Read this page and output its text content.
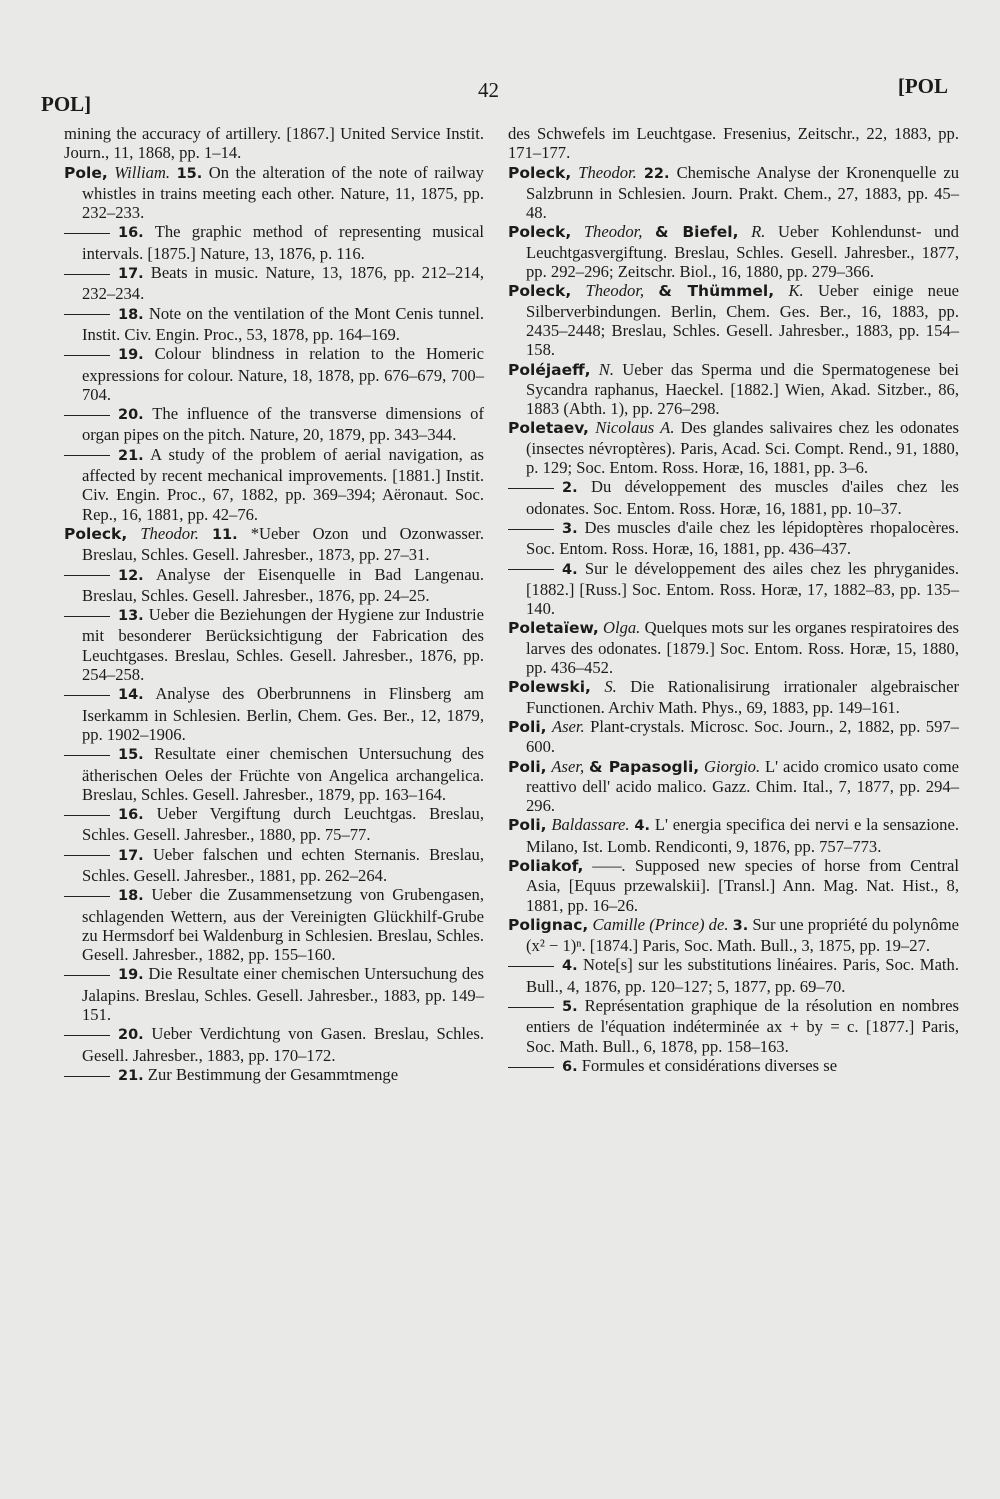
POL]
42	[POL

mining the accuracy of artillery. [1867.] United Service Instit. Journ., 11, 1868, pp. 1–14.

Pole, William. 15. On the alteration of the note of railway whistles in trains meeting each other. Nature, 11, 1875, pp. 232–233.

16. The graphic method of representing musical intervals. [1875.] Nature, 13, 1876, p. 116.

17. Beats in music. Nature, 13, 1876, pp. 212–214, 232–234.

18. Note on the ventilation of the Mont Cenis tunnel. Instit. Civ. Engin. Proc., 53, 1878, pp. 164–169.

19. Colour blindness in relation to the Homeric expressions for colour. Nature, 18, 1878, pp. 676–679, 700–704.

20. The influence of the transverse dimensions of organ pipes on the pitch. Nature, 20, 1879, pp. 343–344.

21. A study of the problem of aerial navigation, as affected by recent mechanical improvements. [1881.] Instit. Civ. Engin. Proc., 67, 1882, pp. 369–394; Aëronaut. Soc. Rep., 16, 1881, pp. 42–76.

Poleck, Theodor. 11. *Ueber Ozon und Ozonwasser. Breslau, Schles. Gesell. Jahresber., 1873, pp. 27–31.

12. Analyse der Eisenquelle in Bad Langenau. Breslau, Schles. Gesell. Jahresber., 1876, pp. 24–25.

13. Ueber die Beziehungen der Hygiene zur Industrie mit besonderer Berücksichtigung der Fabrication des Leuchtgases. Breslau, Schles. Gesell. Jahresber., 1876, pp. 254–258.

14. Analyse des Oberbrunnens in Flinsberg am Iserkamm in Schlesien. Berlin, Chem. Ges. Ber., 12, 1879, pp. 1902–1906.

15. Resultate einer chemischen Untersuchung des ätherischen Oeles der Früchte von Angelica archangelica. Breslau, Schles. Gesell. Jahresber., 1879, pp. 163–164.

16. Ueber Vergiftung durch Leuchtgas. Breslau, Schles. Gesell. Jahresber., 1880, pp. 75–77.

17. Ueber falschen und echten Sternanis. Breslau, Schles. Gesell. Jahresber., 1881, pp. 262–264.

18. Ueber die Zusammensetzung von Grubengasen, schlagenden Wettern, aus der Vereinigten Glückhilf-Grube zu Hermsdorf bei Waldenburg in Schlesien. Breslau, Schles. Gesell. Jahresber., 1882, pp. 155–160.

19. Die Resultate einer chemischen Untersuchung des Jalapins. Breslau, Schles. Gesell. Jahresber., 1883, pp. 149–151.

20. Ueber Verdichtung von Gasen. Breslau, Schles. Gesell. Jahresber., 1883, pp. 170–172.

21. Zur Bestimmung der Gesammtmenge

des Schwefels im Leuchtgase. Fresenius, Zeitschr., 22, 1883, pp. 171–177.

Poleck, Theodor. 22. Chemische Analyse der Kronenquelle zu Salzbrunn in Schlesien. Journ. Prakt. Chem., 27, 1883, pp. 45–48.

Poleck, Theodor, & Biefel, R. Ueber Kohlendunst- und Leuchtgasvergiftung. Breslau, Schles. Gesell. Jahresber., 1877, pp. 292–296; Zeitschr. Biol., 16, 1880, pp. 279–366.

Poleck, Theodor, & Thümmel, K. Ueber einige neue Silberverbindungen. Berlin, Chem. Ges. Ber., 16, 1883, pp. 2435–2448; Breslau, Schles. Gesell. Jahresber., 1883, pp. 154–158.

Poléjaeff, N. Ueber das Sperma und die Spermatogenese bei Sycandra raphanus, Haeckel. [1882.] Wien, Akad. Sitzber., 86, 1883 (Abth. 1), pp. 276–298.

Poletaev, Nicolaus A. Des glandes salivaires chez les odonates (insectes névroptères). Paris, Acad. Sci. Compt. Rend., 91, 1880, p. 129; Soc. Entom. Ross. Horæ, 16, 1881, pp. 3–6.

2. Du développement des muscles d'ailes chez les odonates. Soc. Entom. Ross. Horæ, 16, 1881, pp. 10–37.

3. Des muscles d'aile chez les lépidoptères rhopalocères. Soc. Entom. Ross. Horæ, 16, 1881, pp. 436–437.

4. Sur le développement des ailes chez les phryganides. [1882.] [Russ.] Soc. Entom. Ross. Horæ, 17, 1882–83, pp. 135–140.

Poletaïew, Olga. Quelques mots sur les organes respiratoires des larves des odonates. [1879.] Soc. Entom. Ross. Horæ, 15, 1880, pp. 436–452.

Polewski, S. Die Rationalisirung irrationaler algebraischer Functionen. Archiv Math. Phys., 69, 1883, pp. 149–161.

Poli, Aser. Plant-crystals. Microsc. Soc. Journ., 2, 1882, pp. 597–600.

Poli, Aser, & Papasogli, Giorgio. L' acido cromico usato come reattivo dell' acido malico. Gazz. Chim. Ital., 7, 1877, pp. 294–296.

Poli, Baldassare. 4. L' energia specifica dei nervi e la sensazione. Milano, Ist. Lomb. Rendiconti, 9, 1876, pp. 757–773.

Poliakof, ——. Supposed new species of horse from Central Asia, [Equus przewalskii]. [Transl.] Ann. Mag. Nat. Hist., 8, 1881, pp. 16–26.

Polignac, Camille (Prince) de. 3. Sur une propriété du polynôme (x² − 1)ⁿ. [1874.] Paris, Soc. Math. Bull., 3, 1875, pp. 19–27.

4. Note[s] sur les substitutions linéaires. Paris, Soc. Math. Bull., 4, 1876, pp. 120–127; 5, 1877, pp. 69–70.

5. Représentation graphique de la résolution en nombres entiers de l'équation indéterminée ax + by = c. [1877.] Paris, Soc. Math. Bull., 6, 1878, pp. 158–163.

6. Formules et considérations diverses se
